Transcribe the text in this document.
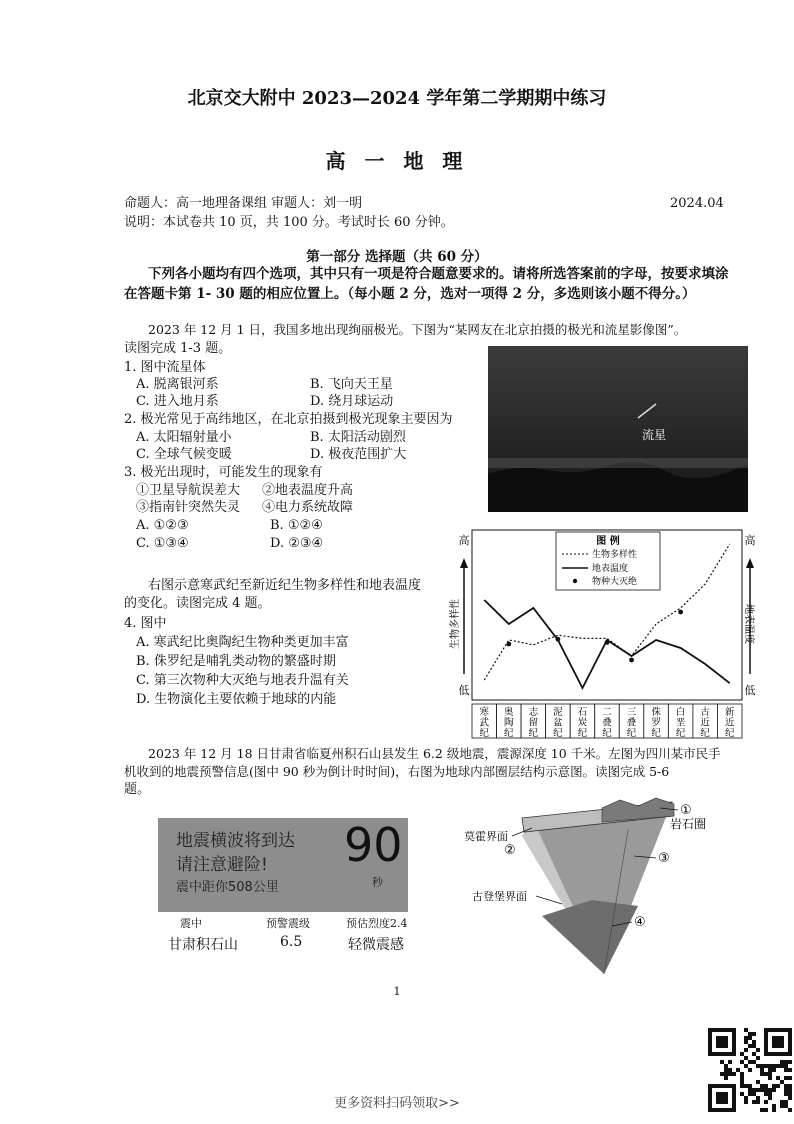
北京交大附中 2023—2024 学年第二学期期中练习
高 一 地 理
命题人：高一地理备课组 审题人：刘一明	2024.04
说明：本试卷共 10 页，共 100 分。考试时长 60 分钟。
第一部分 选择题（共 60 分）
下列各小题均有四个选项，其中只有一项是符合题意要求的。请将所选答案前的字母，按要求填涂
在答题卡第 1- 30 题的相应位置上。（每小题 2 分，选对一项得 2 分，多选则该小题不得分。）
2023 年 12 月 1 日，我国多地出现绚丽极光。下图为“某网友在北京拍摄的极光和流星影像图”。
读图完成 1-3 题。
1. 图中流星体
A. 脱离银河系	B. 飞向天王星
C. 进入地月系	D. 绕月球运动
2. 极光常见于高纬地区，在北京拍摄到极光现象主要因为
A. 太阳辐射量小	B. 太阳活动剧烈
C. 全球气候变暖	D. 极夜范围扩大
3. 极光出现时，可能发生的现象有
①卫星导航误差大 ②地表温度升高
③指南针突然失灵 ④电力系统故障
A. ①②③	B. ①②④
C. ①③④	D. ②③④
流星
右图示意寒武纪至新近纪生物多样性和地表温度
的变化。读图完成 4 题。
4. 图中
A. 寒武纪比奥陶纪生物种类更加丰富
B. 侏罗纪是哺乳类动物的繁盛时期
C. 第三次物种大灭绝与地表升温有关
D. 生物演化主要依赖于地球的内能
高
低
生物多样性
高
低
地表温度
图 例
生物多样性
地表温度
物种大灭绝
寒
武
纪
奥
陶
纪
志
留
纪
泥
盆
纪
石
炭
纪
二
叠
纪
三
叠
纪
侏
罗
纪
白
垩
纪
古
近
纪
新
近
纪
2023 年 12 月 18 日甘肃省临夏州积石山县发生 6.2 级地震，震源深度 10 千米。左图为四川某市民手
机收到的地震预警信息(图中 90 秒为倒计时时间)，右图为地球内部圈层结构示意图。读图完成 5-6
题。
地震横波将到达
请注意避险!
震中距你508公里
90
秒
震中	预警震级	预估烈度2.4
甘肃积石山	6.5	轻微震感
①
岩石圈
莫霍界面
②
③
古登堡界面
④
1
更多资料扫码领取>>
